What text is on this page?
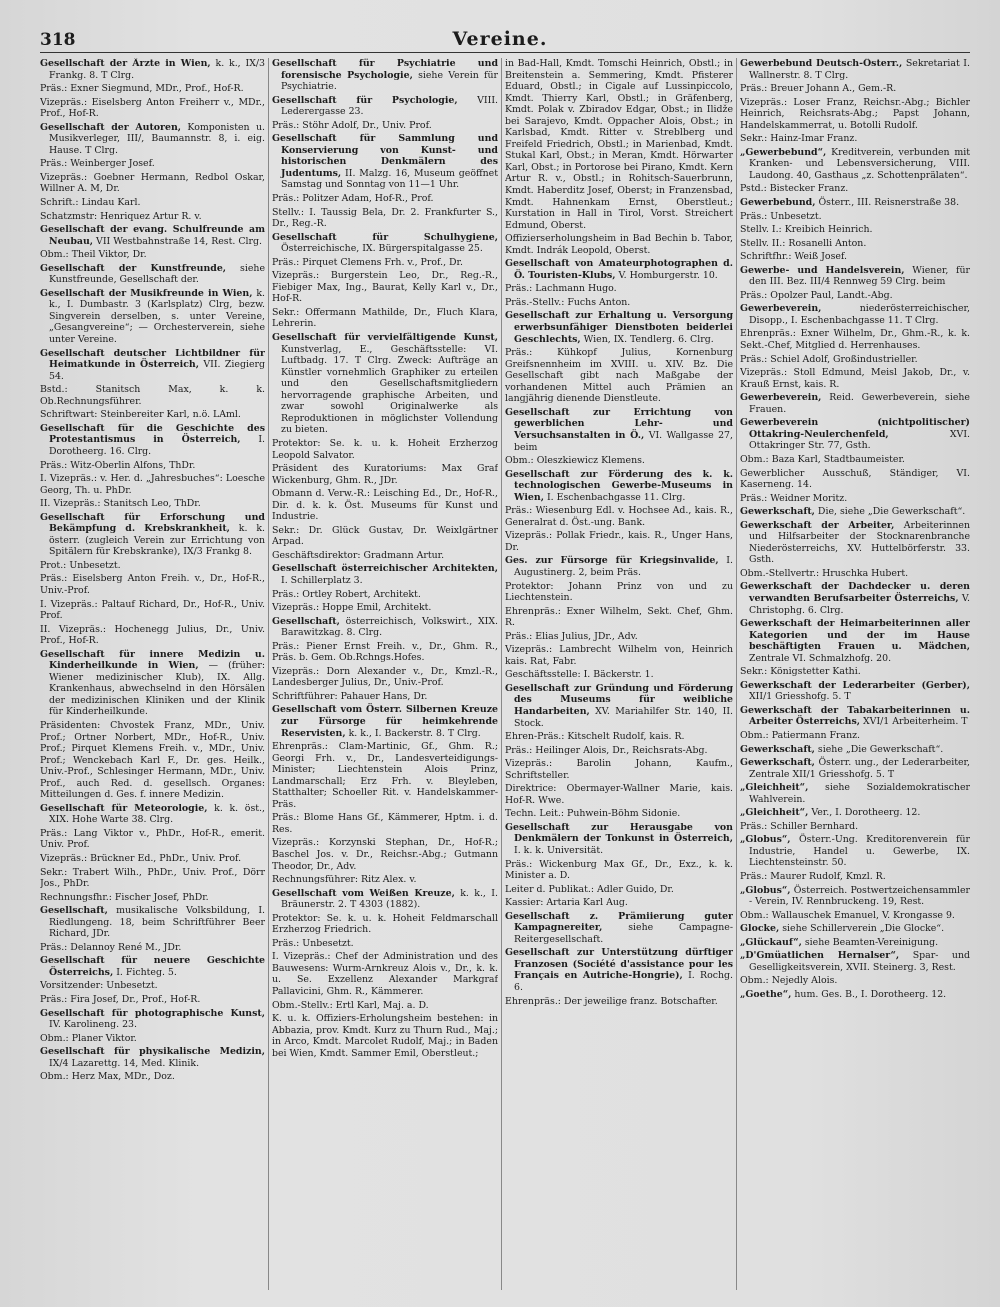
318	Vereine.

Gesellschaft der Ärzte in Wien, k. k., IX/3 Frankg. 8. T Clrg.

Präs.: Exner Siegmund, MDr., Prof., Hof-R.

Vizepräs.: Eiselsberg Anton Freiherr v., MDr., Prof., Hof-R.

Gesellschaft der Autoren, Komponisten u. Musikverleger, III/, Baumannstr. 8, i. eig. Hause. T Clrg.

Präs.: Weinberger Josef.

Vizepräs.: Goebner Hermann, Redbol Oskar, Willner A. M, Dr.

Schrift.: Lindau Karl.

Schatzmstr: Henriquez Artur R. v.

Gesellschaft der evang. Schulfreunde am Neubau, VII Westbahnstraße 14, Rest. Clrg.

Obm.: Theil Viktor, Dr.

Gesellschaft der Kunstfreunde, siehe Kunstfreunde, Gesellschaft der.

Gesellschaft der Musikfreunde in Wien, k. k., I. Dumbastr. 3 (Karlsplatz) Clrg, bezw. Singverein derselben, s. unter Vereine, „Gesangvereine“; — Orchesterverein, siehe unter Vereine.

Gesellschaft deutscher Lichtbildner für Heimatkunde in Österreich, VII. Ziegierg 54.

Bstd.: Stanitsch Max, k. k. Ob.Rechnungsführer.

Schriftwart: Steinbereiter Karl, n.ö. LAml.

Gesellschaft für die Geschichte des Protestantismus in Österreich, I. Dorotheerg. 16. Clrg.

Präs.: Witz-Oberlin Alfons, ThDr.

I. Vizepräs.: v. Her. d. „Jahresbuches“: Loesche Georg, Th. u. PhDr.

II. Vizepräs.: Stanitsch Leo, ThDr.

Gesellschaft für Erforschung und Bekämpfung d. Krebskrankheit, k. k. österr. (zugleich Verein zur Errichtung von Spitälern für Krebskranke), IX/3 Frankg 8.

Prot.: Unbesetzt.

Präs.: Eiselsberg Anton Freih. v., Dr., Hof-R., Univ.-Prof.

I. Vizepräs.: Paltauf Richard, Dr., Hof-R., Univ. Prof.

II. Vizepräs.: Hochenegg Julius, Dr., Univ. Prof., Hof-R.

Gesellschaft für innere Medizin u. Kinderheilkunde in Wien, — (früher: Wiener medizinischer Klub), IX. Allg. Krankenhaus, abwechselnd in den Hörsälen der medizinischen Kliniken und der Klinik für Kinderheilkunde.

Präsidenten: Chvostek Franz, MDr., Univ. Prof.; Ortner Norbert, MDr., Hof-R., Univ. Prof.; Pirquet Klemens Freih. v., MDr., Univ. Prof.; Wenckebach Karl F., Dr. ges. Heilk., Univ.-Prof., Schlesinger Hermann, MDr., Univ. Prof., auch Red. d. gesellsch. Organes: Mitteilungen d. Ges. f. innere Medizin.

Gesellschaft für Meteorologie, k. k. öst., XIX. Hohe Warte 38. Clrg.

Präs.: Lang Viktor v., PhDr., Hof-R., emerit. Univ. Prof.

Vizepräs.: Brückner Ed., PhDr., Univ. Prof.

Sekr.: Trabert Wilh., PhDr., Univ. Prof., Dörr Jos., PhDr.

Rechnungsfhr.: Fischer Josef, PhDr.

Gesellschaft, musikalische Volksbildung, I. Riedlungeng. 18, beim Schriftführer Beer Richard, JDr.

Präs.: Delannoy René M., JDr.

Gesellschaft für neuere Geschichte Österreichs, I. Fichteg. 5.

Vorsitzender: Unbesetzt.

Präs.: Fira Josef, Dr., Prof., Hof-R.

Gesellschaft für photographische Kunst, IV. Karolineng. 23.

Obm.: Planer Viktor.

Gesellschaft für physikalische Medizin, IX/4 Lazarettg. 14, Med. Klinik.

Obm.: Herz Max, MDr., Doz.

Gesellschaft für Psychiatrie und forensische Psychologie, siehe Verein für Psychiatrie.

Gesellschaft für Psychologie, VIII. Lederergasse 23.

Präs.: Stöhr Adolf, Dr., Univ. Prof.

Gesellschaft für Sammlung und Konservierung von Kunst- und historischen Denkmälern des Judentums, II. Malzg. 16, Museum geöffnet Samstag und Sonntag von 11—1 Uhr.

Präs.: Politzer Adam, Hof-R., Prof.

Stellv.: I. Taussig Bela, Dr. 2. Frankfurter S., Dr., Reg.-R.

Gesellschaft für Schulhygiene, Österreichische, IX. Bürgerspitalgasse 25.

Präs.: Pirquet Clemens Frh. v., Prof., Dr.

Vizepräs.: Burgerstein Leo, Dr., Reg.-R., Fiebiger Max, Ing., Baurat, Kelly Karl v., Dr., Hof-R.

Sekr.: Offermann Mathilde, Dr., Fluch Klara, Lehrerin.

Gesellschaft für vervielfältigende Kunst, Kunstverlag, E., Geschäftsstelle: VI. Luftbadg. 17. T Clrg. Zweck: Aufträge an Künstler vornehmlich Graphiker zu erteilen und den Gesellschaftsmitgliedern hervorragende graphische Arbeiten, und zwar sowohl Originalwerke als Reproduktionen in möglichster Vollendung zu bieten.

Protektor: Se. k. u. k. Hoheit Erzherzog Leopold Salvator.

Präsident des Kuratoriums: Max Graf Wickenburg, Ghm. R., JDr.

Obmann d. Verw.-R.: Leisching Ed., Dr., Hof-R., Dir. d. k. k. Öst. Museums für Kunst und Industrie.

Sekr.: Dr. Glück Gustav, Dr. Weixlgärtner Arpad.

Geschäftsdirektor: Gradmann Artur.

Gesellschaft österreichischer Architekten, I. Schillerplatz 3.

Präs.: Ortley Robert, Architekt.

Vizepräs.: Hoppe Emil, Architekt.

Gesellschaft, österreichisch, Volkswirt., XIX. Barawitzkag. 8. Clrg.

Präs.: Piener Ernst Freih. v., Dr., Ghm. R., Präs. b. Gem. Ob.Rchngs.Hofes.

Vizepräs.: Dorn Alexander v., Dr., Kmzl.-R., Landesberger Julius, Dr., Univ.-Prof.

Schriftführer: Pahauer Hans, Dr.

Gesellschaft vom Österr. Silbernen Kreuze zur Fürsorge für heimkehrende Reservisten, k. k., I. Backerstr. 8. T Clrg.

Ehrenpräs.: Clam-Martinic, Gf., Ghm. R.; Georgi Frh. v., Dr., Landesverteidigungs-Minister; Liechtenstein Alois Prinz, Landmarschall; Erz Frh. v. Bleyleben, Statthalter; Schoeller Rit. v. Handelskammer-Präs.

Präs.: Blome Hans Gf., Kämmerer, Hptm. i. d. Res.

Vizepräs.: Korzynski Stephan, Dr., Hof-R.; Baschel Jos. v. Dr., Reichsr.-Abg.; Gutmann Theodor, Dr., Adv.

Rechnungsführer: Ritz Alex. v.

Gesellschaft vom Weißen Kreuze, k. k., I. Bräunerstr. 2. T 4303 (1882).

Protektor: Se. k. u. k. Hoheit Feldmarschall Erzherzog Friedrich.

Präs.: Unbesetzt.

I. Vizepräs.: Chef der Administration und des Bauwesens: Wurm-Arnkreuz Alois v., Dr., k. k. u. Se. Exzellenz Alexander Markgraf Pallavicini, Ghm. R., Kämmerer.

Obm.-Stellv.: Ertl Karl, Maj. a. D.

K. u. k. Offiziers-Erholungsheim bestehen: in Abbazia, prov. Kmdt. Kurz zu Thurn Rud., Maj.; in Arco, Kmdt. Marcolet Rudolf, Maj.; in Baden bei Wien, Kmdt. Sammer Emil, Oberstleut.;

in Bad-Hall, Kmdt. Tomschi Heinrich, Obstl.; in Breitenstein a. Semmering, Kmdt. Pfisterer Eduard, Obstl.; in Cigale auf Lussinpiccolo, Kmdt. Thierry Karl, Obstl.; in Gräfenberg, Kmdt. Polak v. Zbiradov Edgar, Obst.; in Ilidže bei Sarajevo, Kmdt. Oppacher Alois, Obst.; in Karlsbad, Kmdt. Ritter v. Streblberg und Freifeld Friedrich, Obstl.; in Marienbad, Kmdt. Stukal Karl, Obst.; in Meran, Kmdt. Hörwarter Karl, Obst.; in Portorose bei Pirano, Kmdt. Kern Artur R. v., Obstl.; in Rohitsch-Sauerbrunn, Kmdt. Haberditz Josef, Oberst; in Franzensbad, Kmdt. Hahnenkam Ernst, Oberstleut.; Kurstation in Hall in Tirol, Vorst. Streichert Edmund, Oberst.

Offizierserholungsheim in Bad Bechin b. Tabor, Kmdt. Indrák Leopold, Oberst.

Gesellschaft von Amateurphotographen d. Ö. Touristen-Klubs, V. Homburgerstr. 10.

Präs.: Lachmann Hugo.

Präs.-Stellv.: Fuchs Anton.

Gesellschaft zur Erhaltung u. Versorgung erwerbsunfähiger Dienstboten beiderlei Geschlechts, Wien, IX. Tendlerg. 6. Clrg.

Präs.: Kühkopf Julius, Kornenburg Greifsnennheim im XVIII. u. XIV. Bz. Die Gesellschaft gibt nach Maßgabe der vorhandenen Mittel auch Prämien an langjährig dienende Dienstleute.

Gesellschaft zur Errichtung von gewerblichen Lehr- und Versuchsanstalten in Ö., VI. Wallgasse 27, beim

Obm.: Oleszkiewicz Klemens.

Gesellschaft zur Förderung des k. k. technologischen Gewerbe-Museums in Wien, I. Eschenbachgasse 11. Clrg.

Präs.: Wiesenburg Edl. v. Hochsee Ad., kais. R., Generalrat d. Öst.-ung. Bank.

Vizepräs.: Pollak Friedr., kais. R., Unger Hans, Dr.

Ges. zur Fürsorge für Kriegsinvalide, I. Augustinerg. 2, beim Präs.

Protektor: Johann Prinz von und zu Liechtenstein.

Ehrenpräs.: Exner Wilhelm, Sekt. Chef, Ghm. R.

Präs.: Elias Julius, JDr., Adv.

Vizepräs.: Lambrecht Wilhelm von, Heinrich kais. Rat, Fabr.

Geschäftsstelle: I. Bäckerstr. 1.

Gesellschaft zur Gründung und Förderung des Museums für weibliche Handarbeiten, XV. Mariahilfer Str. 140, II. Stock.

Ehren-Präs.: Kitschelt Rudolf, kais. R.

Präs.: Heilinger Alois, Dr., Reichsrats-Abg.

Vizepräs.: Barolin Johann, Kaufm., Schriftsteller.

Direktrice: Obermayer-Wallner Marie, kais. Hof-R. Wwe.

Techn. Leit.: Puhwein-Böhm Sidonie.

Gesellschaft zur Herausgabe von Denkmälern der Tonkunst in Österreich, I. k. k. Universität.

Präs.: Wickenburg Max Gf., Dr., Exz., k. k. Minister a. D.

Leiter d. Publikat.: Adler Guido, Dr.

Kassier: Artaria Karl Aug.

Gesellschaft z. Prämiierung guter Kampagnereiter, siehe Campagne-Reitergesellschaft.

Gesellschaft zur Unterstützung dürftiger Franzosen (Société d'assistance pour les Français en Autriche-Hongrie), I. Rochg. 6.

Ehrenpräs.: Der jeweilige franz. Botschafter.

Gewerbebund Deutsch-Österr., Sekretariat I. Wallnerstr. 8. T Clrg.

Präs.: Breuer Johann A., Gem.-R.

Vizepräs.: Loser Franz, Reichsr.-Abg.; Bichler Heinrich, Reichsrats-Abg.; Papst Johann, Handelskammerrat, u. Botolli Rudolf.

Sekr.: Hainz-Imar Franz.

„Gewerbebund“, Kreditverein, verbunden mit Kranken- und Lebensversicherung, VIII. Laudong. 40, Gasthaus „z. Schottenprälaten“.

Pstd.: Bistecker Franz.

Gewerbebund, Österr., III. Reisnerstraße 38.

Präs.: Unbesetzt.

Stellv. I.: Kreibich Heinrich.

Stellv. II.: Rosanelli Anton.

Schriftfhr.: Weiß Josef.

Gewerbe- und Handelsverein, Wiener, für den III. Bez. III/4 Rennweg 59 Clrg. beim

Präs.: Opolzer Paul, Landt.-Abg.

Gewerbeverein, niederösterreichischer, Disopp., I. Eschenbachgasse 11. T Clrg.

Ehrenpräs.: Exner Wilhelm, Dr., Ghm.-R., k. k. Sekt.-Chef, Mitglied d. Herrenhauses.

Präs.: Schiel Adolf, Großindustrieller.

Vizepräs.: Stoll Edmund, Meisl Jakob, Dr., v. Krauß Ernst, kais. R.

Gewerbeverein, Reid. Gewerbeverein, siehe Frauen.

Gewerbeverein (nichtpolitischer) Ottakring-Neulerchenfeld, XVI. Ottakringer Str. 77, Gsth.

Obm.: Baza Karl, Stadtbaumeister.

Gewerblicher Ausschuß, Ständiger, VI. Kaserneng. 14.

Präs.: Weidner Moritz.

Gewerkschaft, Die, siehe „Die Gewerkschaft“.

Gewerkschaft der Arbeiter, Arbeiterinnen und Hilfsarbeiter der Stocknarenbranche Niederösterreichs, XV. Huttelbörferstr. 33. Gsth.

Obm.-Stellvertr.: Hruschka Hubert.

Gewerkschaft der Dachdecker u. deren verwandten Berufsarbeiter Österreichs, V. Christophg. 6. Clrg.

Gewerkschaft der Heimarbeiterinnen aller Kategorien und der im Hause beschäftigten Frauen u. Mädchen, Zentrale VI. Schmalzhofg. 20.

Sekr.: Königstetter Kathi.

Gewerkschaft der Lederarbeiter (Gerber), XII/1 Griesshofg. 5. T

Gewerkschaft der Tabakarbeiterinnen u. Arbeiter Österreichs, XVI/1 Arbeiterheim. T

Obm.: Patiermann Franz.

Gewerkschaft, siehe „Die Gewerkschaft“.

Gewerkschaft, Österr. ung., der Lederarbeiter, Zentrale XII/1 Griesshofg. 5. T

„Gleichheit“, siehe Sozialdemokratischer Wahlverein.

„Gleichheit“, Ver., I. Dorotheerg. 12.

Präs.: Schiller Bernhard.

„Globus“, Österr.-Ung. Kreditorenverein für Industrie, Handel u. Gewerbe, IX. Liechtensteinstr. 50.

Präs.: Maurer Rudolf, Kmzl. R.

„Globus“, Österreich. Postwertzeichensammler - Verein, IV. Rennbruckeng. 19, Rest.

Obm.: Wallauschek Emanuel, V. Krongasse 9.

Glocke, siehe Schillerverein „Die Glocke“.

„Glückauf“, siehe Beamten-Vereinigung.

„D'Gmüatlichen Hernalser“, Spar- und Geselligkeitsverein, XVII. Steinerg. 3, Rest.

Obm.: Nejedly Alois.

„Goethe“, hum. Ges. B., I. Dorotheerg. 12.
